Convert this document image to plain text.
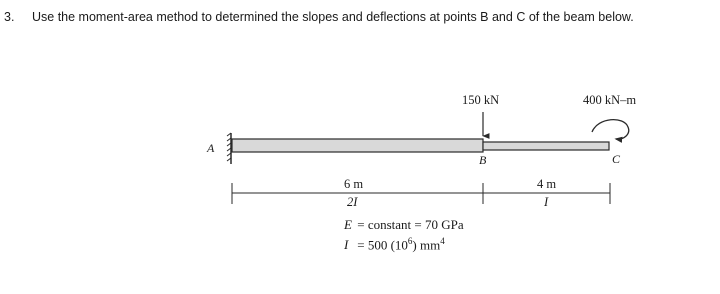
3. Use the moment-area method to determined the slopes and deflections at points B and C of the beam below.
A
150 kN
B
400 kN–m
C
6 m
2I
4 m
I
E = constant = 70 GPa
I = 500 $(10^6)$ $mm^4$
